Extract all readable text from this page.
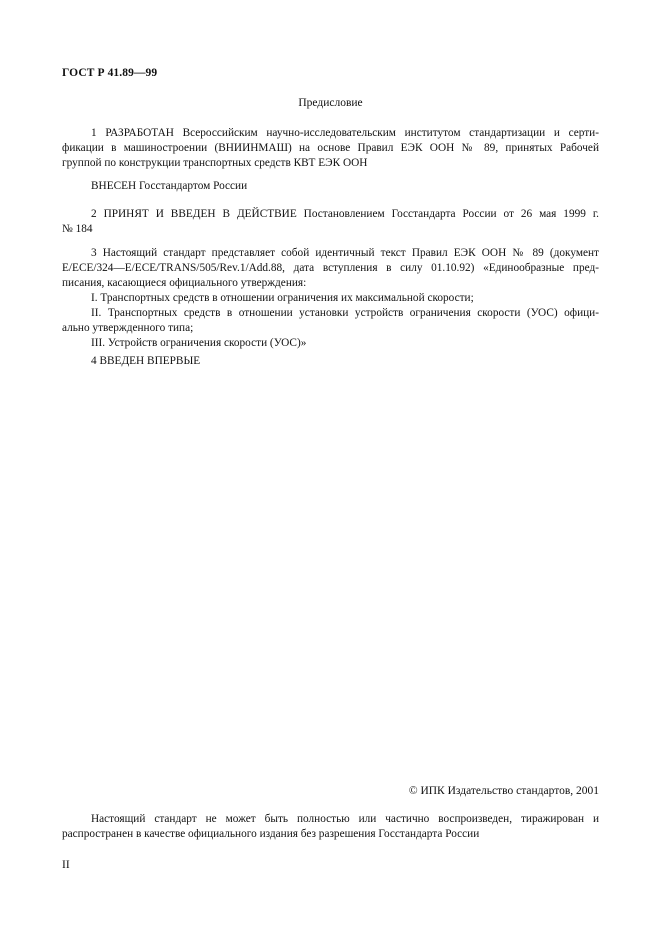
ГОСТ Р 41.89—99
Предисловие
1 РАЗРАБОТАН Всероссийским научно-исследовательским институтом стандартизации и серти-
фикации в машиностроении (ВНИИНМАШ) на основе Правил ЕЭК ООН № 89, принятых Рабочей
группой по конструкции транспортных средств КВТ ЕЭК ООН
ВНЕСЕН Госстандартом России
2 ПРИНЯТ И ВВЕДЕН В ДЕЙСТВИЕ Постановлением Госстандарта России от 26 мая 1999 г.
№ 184
3 Настоящий стандарт представляет собой идентичный текст Правил ЕЭК ООН № 89 (документ
E/ECE/324—E/ECE/TRANS/505/Rev.1/Add.88, дата вступления в силу 01.10.92) «Единообразные пред-
писания, касающиеся официального утверждения:
I. Транспортных средств в отношении ограничения их максимальной скорости;
II. Транспортных средств в отношении установки устройств ограничения скорости (УОС) офици-
ально утвержденного типа;
III. Устройств ограничения скорости (УОС)»
4 ВВЕДЕН ВПЕРВЫЕ
© ИПК Издательство стандартов, 2001
Настоящий стандарт не может быть полностью или частично воспроизведен, тиражирован и
распространен в качестве официального издания без разрешения Госстандарта России
II
